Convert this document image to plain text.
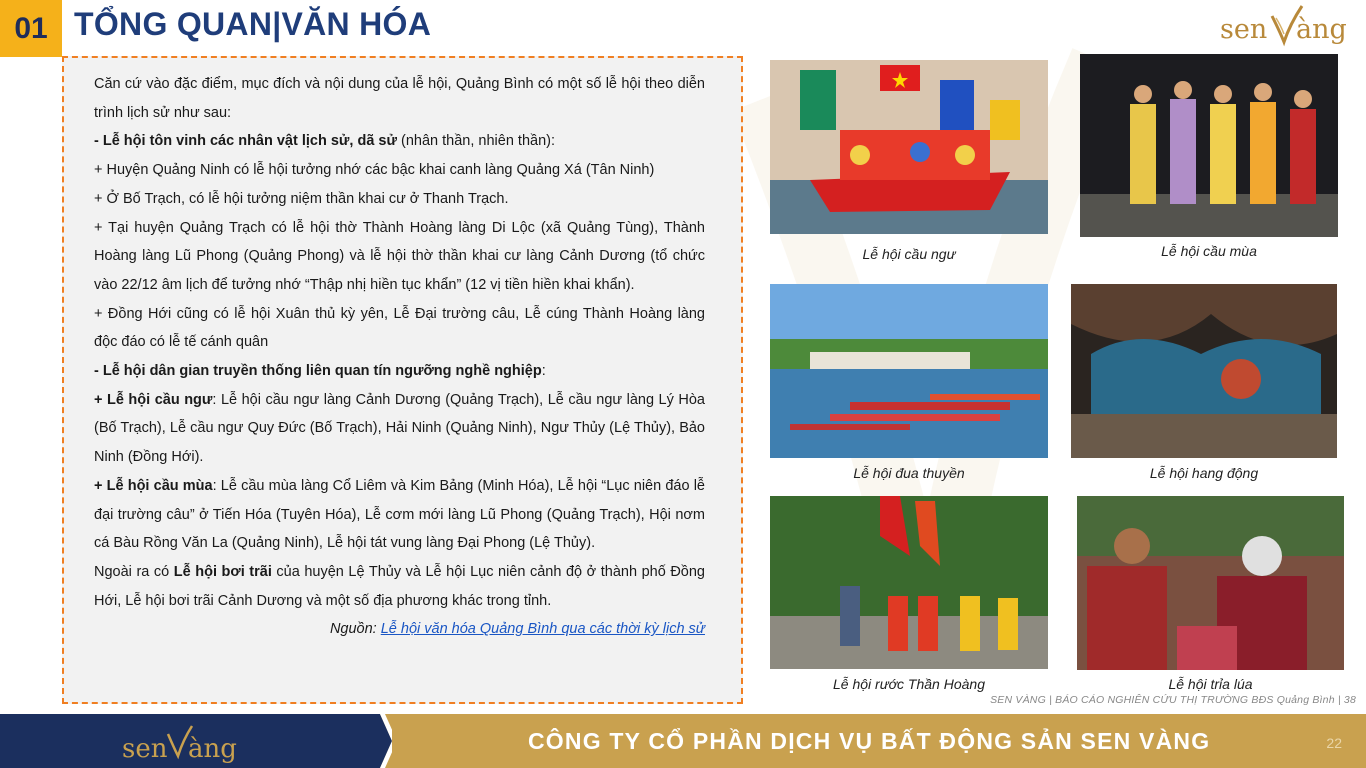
01 TỔNG QUAN|VĂN HÓA	sen àng

Căn cứ vào đặc điểm, mục đích và nội dung của lễ hội, Quảng Bình có một số lễ hội theo diễn trình lịch sử như sau:

- Lễ hội tôn vinh các nhân vật lịch sử, dã sử (nhân thần, nhiên thần):

+ Huyện Quảng Ninh có lễ hội tưởng nhớ các bậc khai canh làng Quảng Xá (Tân Ninh)

+ Ở Bố Trạch, có lễ hội tưởng niệm thần khai cư ở Thanh Trạch.

+ Tại huyện Quảng Trạch có lễ hội thờ Thành Hoàng làng Di Lộc (xã Quảng Tùng), Thành Hoàng làng Lũ Phong (Quảng Phong) và lễ hội thờ thần khai cư làng Cảnh Dương (tổ chức vào 22/12 âm lịch để tưởng nhớ “Thập nhị hiền tục khẩn” (12 vị tiền hiền khai khẩn).

+ Đồng Hới cũng có lễ hội Xuân thủ kỳ yên, Lễ Đại trường câu, Lễ cúng Thành Hoàng làng độc đáo có lễ tế cánh quân

- Lễ hội dân gian truyền thống liên quan tín ngưỡng nghề nghiệp:

+ Lễ hội cầu ngư: Lễ hội cầu ngư làng Cảnh Dương (Quảng Trạch), Lễ cầu ngư làng Lý Hòa (Bố Trạch), Lễ cầu ngư Quy Đức (Bố Trạch), Hải Ninh (Quảng Ninh), Ngư Thủy (Lệ Thủy), Bảo Ninh (Đồng Hới).

+ Lễ hội cầu mùa: Lễ cầu mùa làng Cổ Liêm và Kim Bảng (Minh Hóa), Lễ hội “Lục niên đáo lễ đại trường câu” ở Tiến Hóa (Tuyên Hóa), Lễ cơm mới làng Lũ Phong (Quảng Trạch), Hội nơm cá Bàu Rồng Văn La (Quảng Ninh), Lễ hội tát vung làng Đại Phong (Lệ Thủy).

Ngoài ra có Lễ hội bơi trãi của huyện Lệ Thủy và Lễ hội Lục niên cảnh độ ở thành phố Đồng Hới, Lễ hội bơi trãi Cảnh Dương và một số địa phương khác trong tỉnh.

Nguồn: Lễ hội văn hóa Quảng Bình qua các thời kỳ lịch sử

Lễ hội cầu ngư	Lễ hội cầu mùa
Lễ hội đua thuyền	Lễ hội hang động
Lễ hội rước Thần Hoàng	Lễ hội trỉa lúa
SEN VÀNG | BÁO CÁO NGHIÊN CỨU THỊ TRƯỜNG BĐS Quảng Bình | 38
sen àng	CÔNG TY CỔ PHẦN DỊCH VỤ BẤT ĐỘNG SẢN SEN VÀNG	22
